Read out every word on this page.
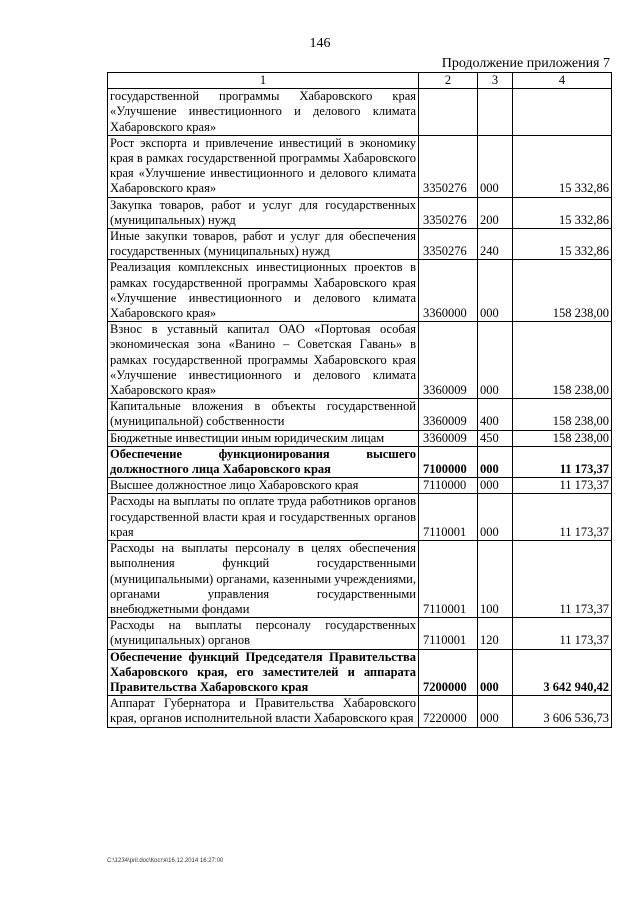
146
Продолжение приложения 7
1	2	3	4
государственной программы Хабаровского края «Улучшение инвестиционного и делового климата Хабаровского края»			
Рост экспорта и привлечение инвестиций в экономику края в рамках государственной программы Хабаровского края «Улучшение инвестиционного и делового климата Хабаровского края»	3350276	000	15 332,86
Закупка товаров, работ и услуг для государственных (муниципальных) нужд	3350276	200	15 332,86
Иные закупки товаров, работ и услуг для обеспечения государственных (муниципальных) нужд	3350276	240	15 332,86
Реализация комплексных инвестиционных проектов в рамках государственной программы Хабаровского края «Улучшение инвестиционного и делового климата Хабаровского края»	3360000	000	158 238,00
Взнос в уставный капитал ОАО «Портовая особая экономическая зона «Ванино – Советская Гавань» в рамках государственной программы Хабаровского края «Улучшение инвестиционного и делового климата Хабаровского края»	3360009	000	158 238,00
Капитальные вложения в объекты государственной (муниципальной) собственности	3360009	400	158 238,00
Бюджетные инвестиции иным юридическим лицам	3360009	450	158 238,00
Обеспечение функционирования высшего должностного лица Хабаровского края	7100000	000	11 173,37
Высшее должностное лицо Хабаровского края	7110000	000	11 173,37
Расходы на выплаты по оплате труда работников органов государственной власти края и государственных органов края	7110001	000	11 173,37
Расходы на выплаты персоналу в целях обеспечения выполнения функций государственными (муниципальными) органами, казенными учреждениями, органами управления государственными внебюджетными фондами	7110001	100	11 173,37
Расходы на выплаты персоналу государственных (муниципальных) органов	7110001	120	11 173,37
Обеспечение функций Председателя Правительства Хабаровского края, его заместителей и аппарата Правительства Хабаровского края	7200000	000	3 642 940,42
Аппарат Губернатора и Правительства Хабаровского края, органов исполнительной власти Хабаровского края	7220000	000	3 606 536,73
C:\1234\pril.doc\Костя\16.12.2014 16:27:00
